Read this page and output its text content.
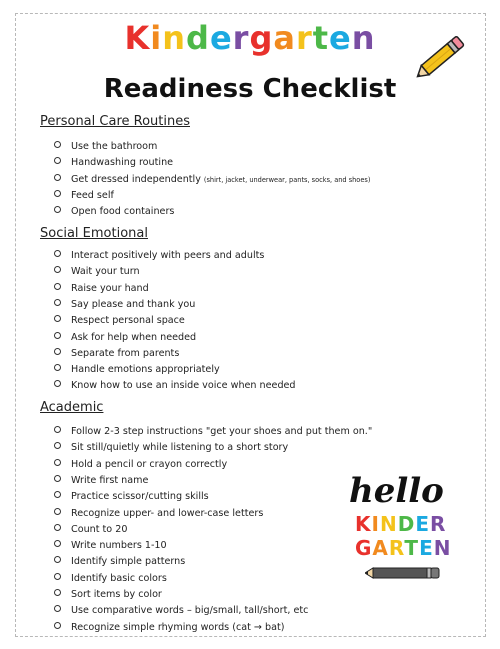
Kindergarten
Readiness Checklist
Personal Care Routines
Use the bathroom
Handwashing routine
Get dressed independently (shirt, jacket, underwear, pants, socks, and shoes)
Feed self
Open food containers
Social Emotional
Interact positively with peers and adults
Wait your turn
Raise your hand
Say please and thank you
Respect personal space
Ask for help when needed
Separate from parents
Handle emotions appropriately
Know how to use an inside voice when needed
Academic
Follow 2-3 step instructions "get your shoes and put them on."
Sit still/quietly while listening to a short story
Hold a pencil or crayon correctly
Write first name
Practice scissor/cutting skills
Recognize upper- and lower-case letters
Count to 20
Write numbers 1-10
Identify simple patterns
Identify basic colors
Sort items by color
Use comparative words – big/small, tall/short, etc
Recognize simple rhyming words (cat → bat)
hello
KINDER
GARTEN
